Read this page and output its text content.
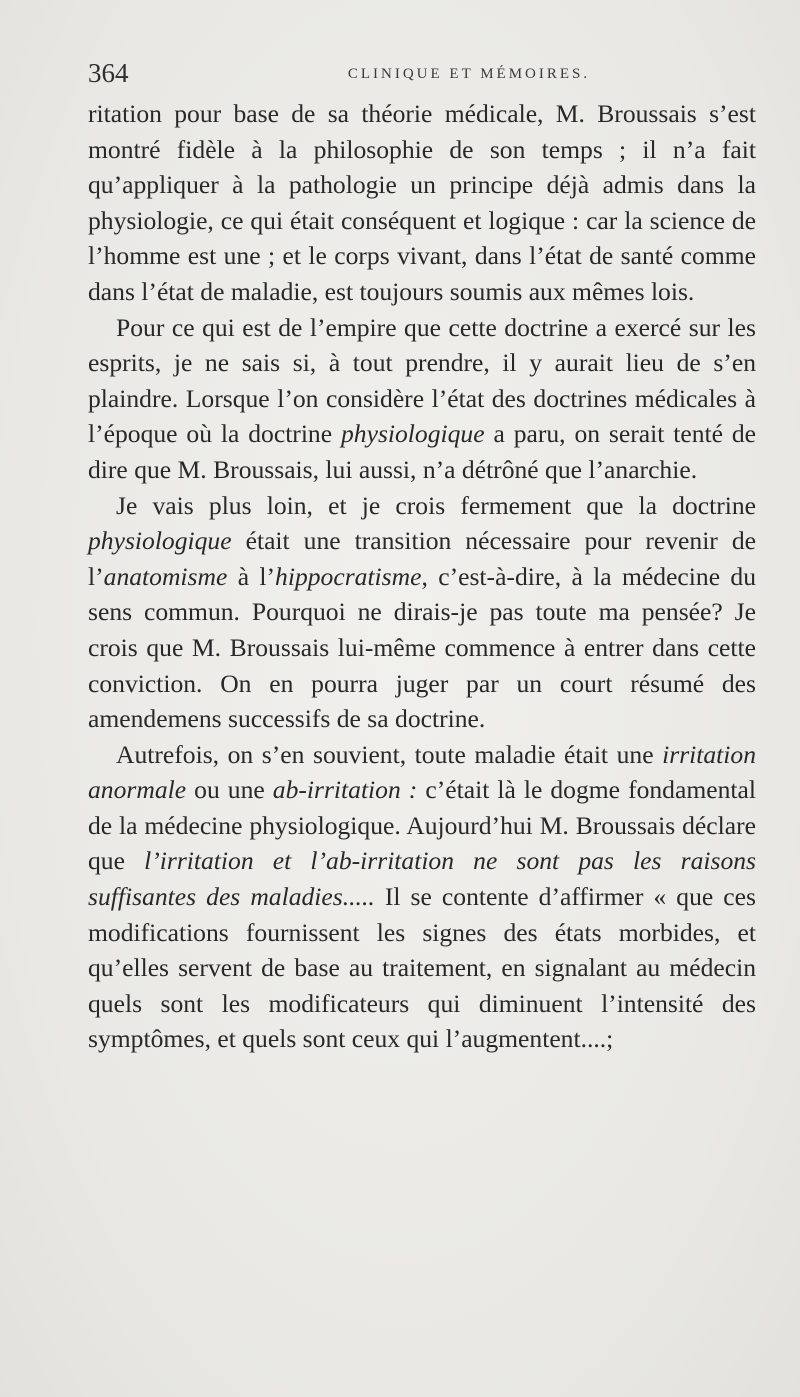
364	CLINIQUE ET MÉMOIRES.

ritation pour base de sa théorie médicale, M. Broussais s’est montré fidèle à la philosophie de son temps ; il n’a fait qu’appliquer à la pathologie un principe déjà admis dans la physiologie, ce qui était conséquent et logique : car la science de l’homme est une ; et le corps vivant, dans l’état de santé comme dans l’état de maladie, est toujours soumis aux mêmes lois.

Pour ce qui est de l’empire que cette doctrine a exercé sur les esprits, je ne sais si, à tout prendre, il y aurait lieu de s’en plaindre. Lorsque l’on considère l’état des doctrines médicales à l’époque où la doctrine physiologique a paru, on serait tenté de dire que M. Broussais, lui aussi, n’a détrôné que l’anarchie.

Je vais plus loin, et je crois fermement que la doctrine physiologique était une transition nécessaire pour revenir de l’anatomisme à l’hippocratisme, c’est-à-dire, à la médecine du sens commun. Pourquoi ne dirais-je pas toute ma pensée? Je crois que M. Broussais lui-même commence à entrer dans cette conviction. On en pourra juger par un court résumé des amendemens successifs de sa doctrine.

Autrefois, on s’en souvient, toute maladie était une irritation anormale ou une ab-irritation : c’était là le dogme fondamental de la médecine physiologique. Aujourd’hui M. Broussais déclare que l’irritation et l’ab-irritation ne sont pas les raisons suffisantes des maladies..... Il se contente d’affirmer « que ces modifications fournissent les signes des états morbides, et qu’elles servent de base au traitement, en signalant au médecin quels sont les modificateurs qui diminuent l’intensité des symptômes, et quels sont ceux qui l’augmentent....;
